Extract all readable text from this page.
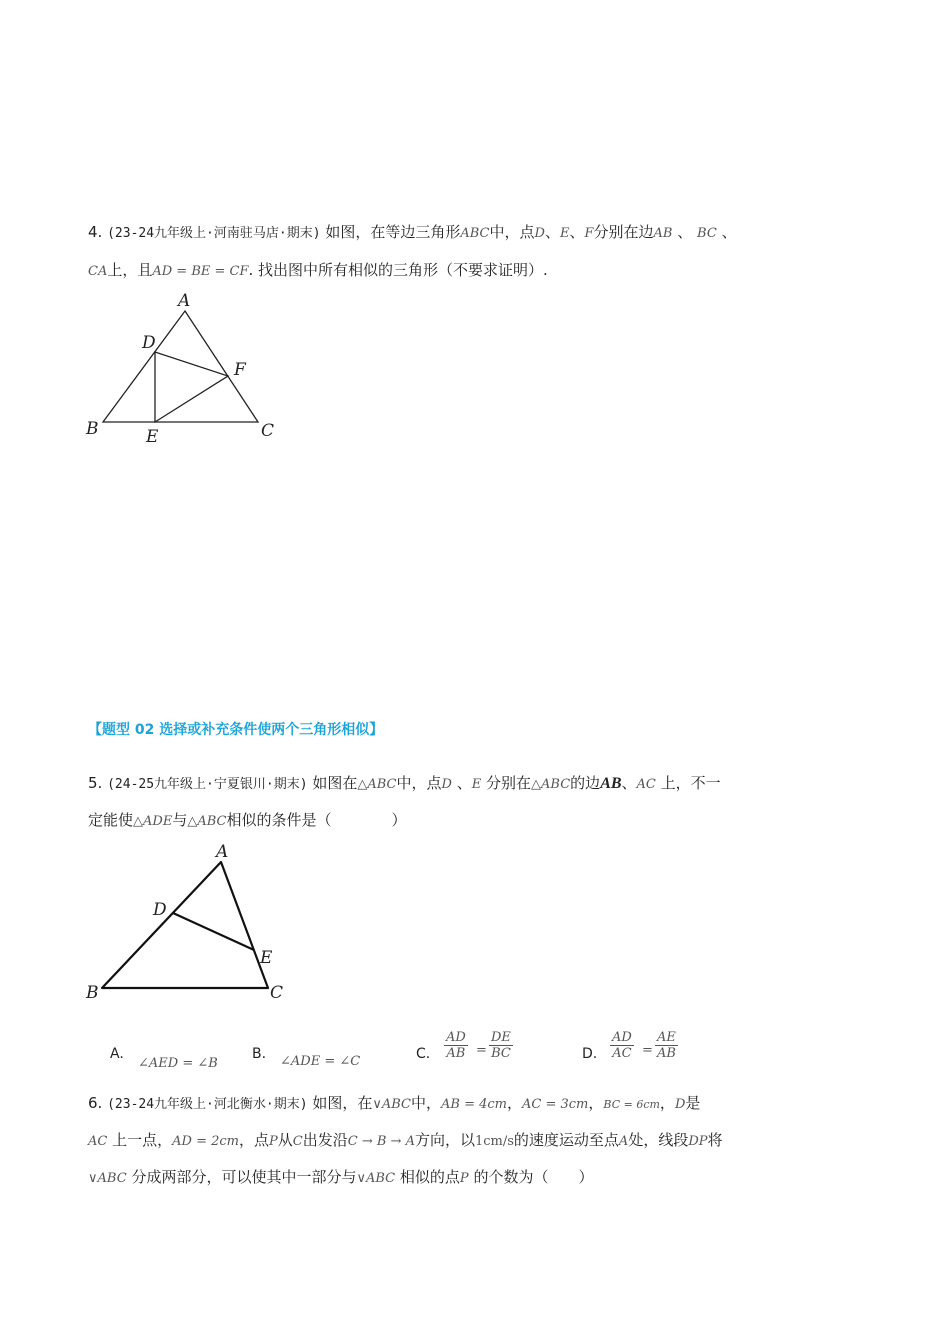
4. (23-24九年级上·河南驻马店·期末) 如图，在等边三角形ABC中，点D、E、F分别在边AB 、 BC 、
CA上，且AD = BE = CF. 找出图中所有相似的三角形（不要求证明）.
A
B	C
D
E
F
【题型 02 选择或补充条件使两个三角形相似】
5. (24-25九年级上·宁夏银川·期末) 如图在△ABC中，点D 、E 分别在△ABC的边AB、AC 上，不一
定能使△ADE与△ABC相似的条件是（　　　　）
A
B	C
D
E
A.
∠AED = ∠B
B. ∠ADE = ∠C	C. $\frac{AD}{AB} = \frac{DE}{BC}$	D. $\frac{AD}{AC} = \frac{AE}{AB}$
6. (23-24九年级上·河北衡水·期末) 如图，在∨ABC中，AB = 4cm，AC = 3cm，BC = 6cm，D是
AC 上一点，AD = 2cm，点P从C出发沿C → B → A方向，以1cm/s的速度运动至点A处，线段DP将
∨ABC 分成两部分，可以使其中一部分与∨ABC 相似的点P 的个数为（　　）
